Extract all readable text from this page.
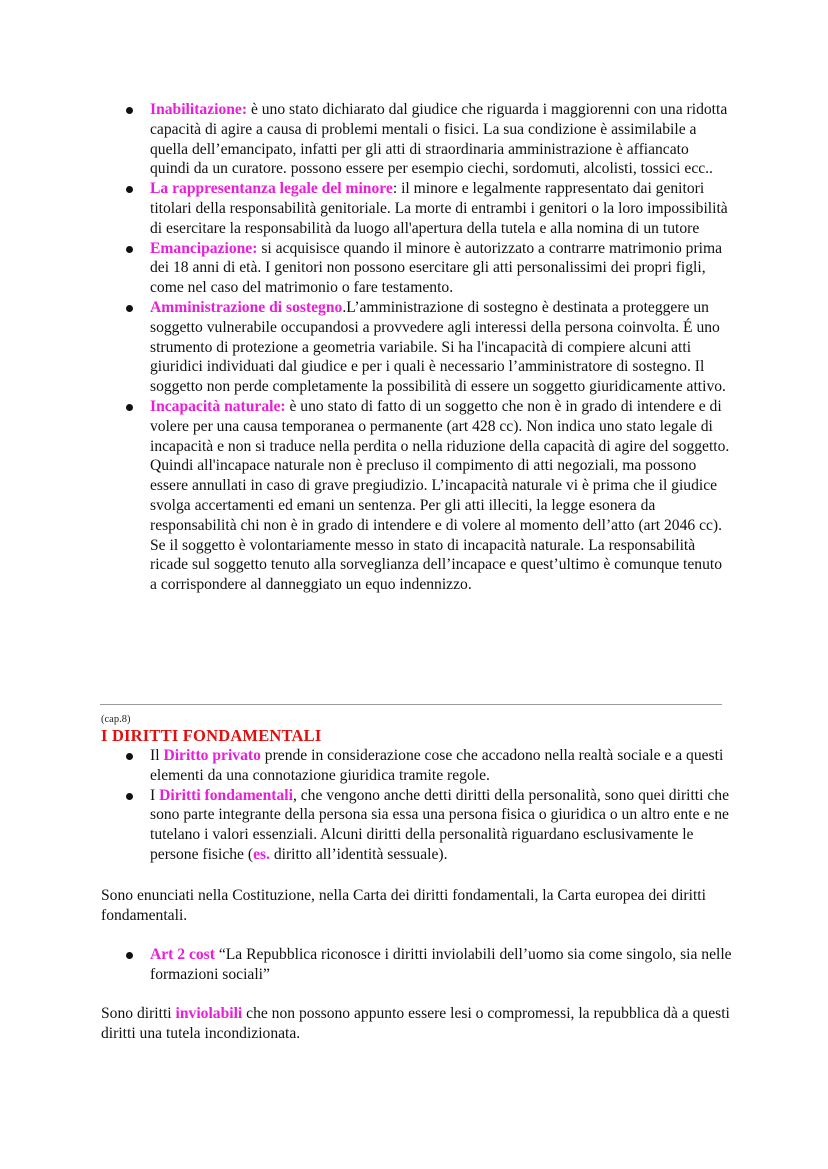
Inabilitazione: è uno stato dichiarato dal giudice che riguarda i maggiorenni con una ridotta capacità di agire a causa di problemi mentali o fisici. La sua condizione è assimilabile a quella dell’emancipato, infatti per gli atti di straordinaria amministrazione è affiancato quindi da un curatore. possono essere per esempio ciechi, sordomuti, alcolisti, tossici ecc..
La rappresentanza legale del minore: il minore e legalmente rappresentato dai genitori titolari della responsabilità genitoriale. La morte di entrambi i genitori o la loro impossibilità di esercitare la responsabilità da luogo all'apertura della tutela e alla nomina di un tutore
Emancipazione: si acquisisce quando il minore è autorizzato a contrarre matrimonio prima dei 18 anni di età. I genitori non possono esercitare gli atti personalissimi dei propri figli, come nel caso del matrimonio o fare testamento.
Amministrazione di sostegno.L’amministrazione di sostegno è destinata a proteggere un soggetto vulnerabile occupandosi a provvedere agli interessi della persona coinvolta. É uno strumento di protezione a geometria variabile. Si ha l'incapacità di compiere alcuni atti giuridici individuati dal giudice e per i quali è necessario l’amministratore di sostegno. Il soggetto non perde completamente la possibilità di essere un soggetto giuridicamente attivo.
Incapacità naturale: è uno stato di fatto di un soggetto che non è in grado di intendere e di volere per una causa temporanea o permanente (art 428 cc). Non indica uno stato legale di incapacità e non si traduce nella perdita o nella riduzione della capacità di agire del soggetto. Quindi all'incapace naturale non è precluso il compimento di atti negoziali, ma possono essere annullati in caso di grave pregiudizio. L’incapacità naturale vi è prima che il giudice svolga accertamenti ed emani un sentenza. Per gli atti illeciti, la legge esonera da responsabilità chi non è in grado di intendere e di volere al momento dell’atto (art 2046 cc). Se il soggetto è volontariamente messo in stato di incapacità naturale. La responsabilità ricade sul soggetto tenuto alla sorveglianza dell’incapace e quest’ultimo è comunque tenuto a corrispondere al danneggiato un equo indennizzo.
(cap.8)
I DIRITTI FONDAMENTALI
Il Diritto privato prende in considerazione cose che accadono nella realtà sociale e a questi elementi da una connotazione giuridica tramite regole.
I Diritti fondamentali, che vengono anche detti diritti della personalità, sono quei diritti che sono parte integrante della persona sia essa una persona fisica o giuridica o un altro ente e ne tutelano i valori essenziali. Alcuni diritti della personalità riguardano esclusivamente le persone fisiche (es. diritto all’identità sessuale).
Sono enunciati nella Costituzione, nella Carta dei diritti fondamentali, la Carta europea dei diritti fondamentali.
Art 2 cost “La Repubblica riconosce i diritti inviolabili dell’uomo sia come singolo, sia nelle formazioni sociali”
Sono diritti inviolabili che non possono appunto essere lesi o compromessi, la repubblica dà a questi diritti una tutela incondizionata.
